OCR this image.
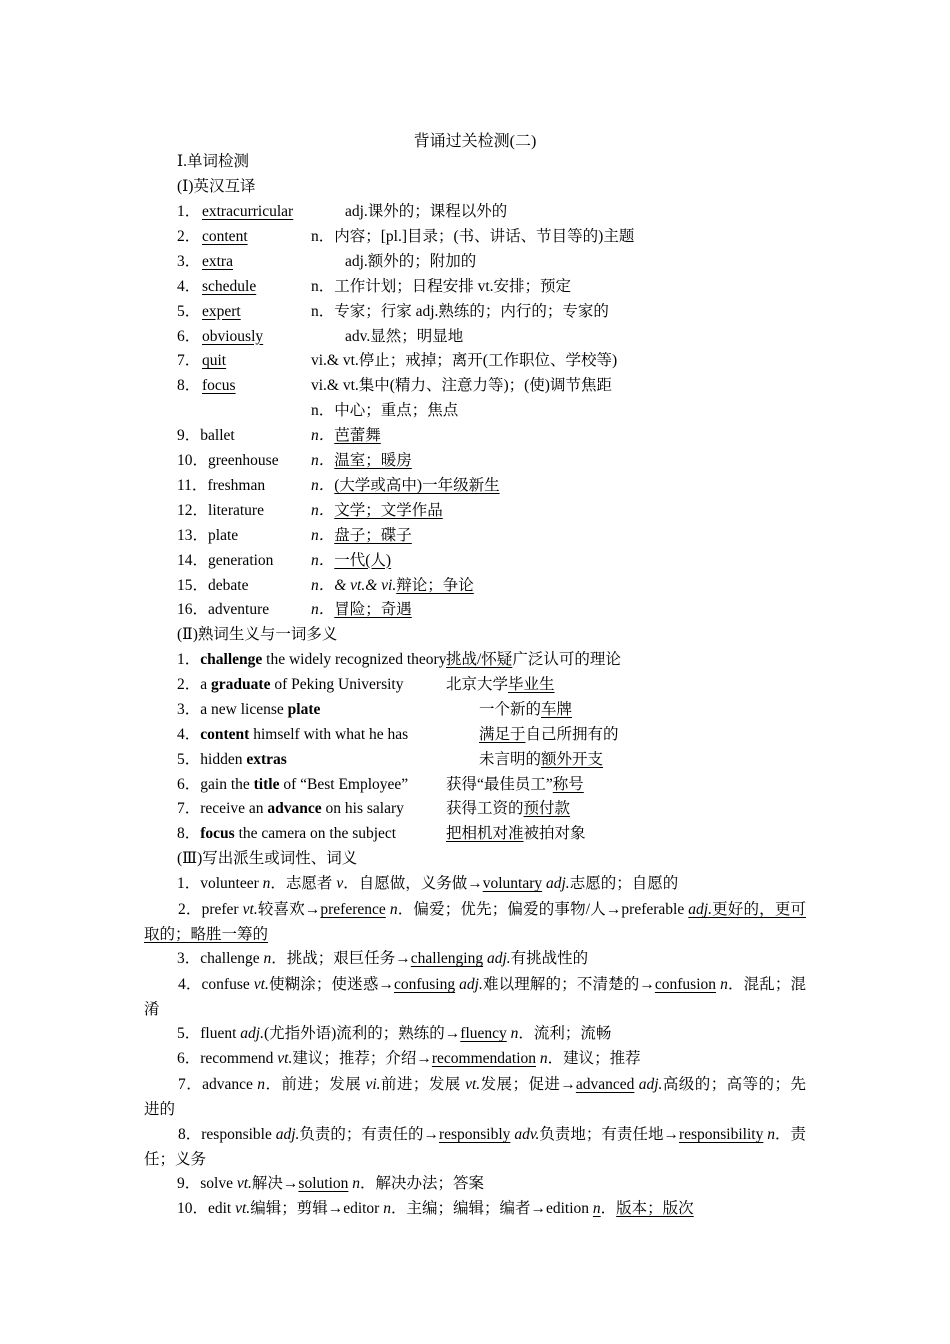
背诵过关检测(二)
Ⅰ.单词检测
(Ⅰ)英汉互译
1． extracurricular	adj.课外的；课程以外的
2． content	n．内容；[pl.]目录；(书、讲话、节目等的)主题
3． extra	adj.额外的；附加的
4． schedule	n．工作计划；日程安排 vt.安排；预定
5． expert	n．专家；行家 adj.熟练的；内行的；专家的
6． obviously	adv.显然；明显地
7． quit	vi.& vt.停止；戒掉；离开(工作职位、学校等)
8． focus	vi.& vt.集中(精力、注意力等)；(使)调节焦距
n．中心；重点；焦点
9．ballet	n．芭蕾舞
10．greenhouse n．温室；暖房
11．freshman	n．(大学或高中)一年级新生
12．literature	n．文学；文学作品
13．plate	n．盘子；碟子
14．generation n．一代(人)
15．debate	n．& vt.& vi.辩论；争论
16．adventure	n．冒险；奇遇
(Ⅱ)熟词生义与一词多义
1．challenge the widely recognized theory 挑战/怀疑广泛认可的理论
2．a graduate of Peking University	北京大学毕业生
3．a new license plate	一个新的车牌
4．content himself with what he has	满足于自己所拥有的
5．hidden extras	未言明的额外开支
6．gain the title of “Best Employee” 获得“最佳员工”称号
7．receive an advance on his salary	获得工资的预付款
8．focus the camera on the subject	把相机对准被拍对象
(Ⅲ)写出派生或词性、词义
1．volunteer n．志愿者 v．自愿做，义务做→voluntary adj.志愿的；自愿的
2．prefer vt.较喜欢→preference n．偏爱；优先；偏爱的事物/人→preferable adj.更好的，更可取的；略胜一筹的
3．challenge n．挑战；艰巨任务→challenging adj.有挑战性的
4．confuse vt.使糊涂；使迷惑→confusing adj.难以理解的；不清楚的→confusion n．混乱；混淆
5．fluent adj.(尤指外语)流利的；熟练的→fluency n．流利；流畅
6．recommend vt.建议；推荐；介绍→recommendation n．建议；推荐
7．advance n．前进；发展 vi.前进；发展 vt.发展；促进→advanced adj.高级的；高等的；先进的
8．responsible adj.负责的；有责任的→responsibly adv.负责地；有责任地→responsibility n．责任；义务
9．solve vt.解决→solution n．解决办法；答案
10．edit vt.编辑；剪辑→editor n．主编；编辑；编者→edition n．版本；版次
